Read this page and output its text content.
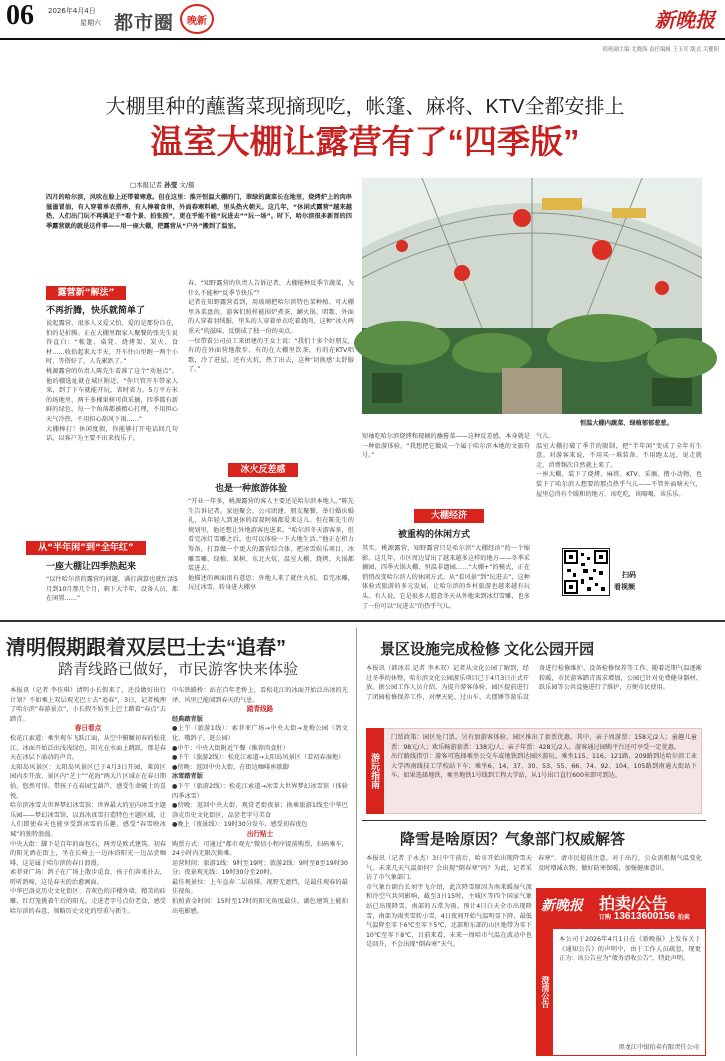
06 2026年4月4日
星期六 都市圈 晚新
值班副主编 尤晓海 责任编辑 王玉军 版式 关健阳
新晚报
大棚里种的蘸酱菜现摘现吃，帐篷、麻将、KTV全都安排上
温室大棚让露营有了“四季版”
□本报记者 孙莹 文/摄
四月的哈尔滨，风吹在脸上还带着寒意。但在这里：推开恒温大棚的门，翠绿的蔬菜长在地里，烧烤炉上的肉串滋滋冒油，有人穿着单衣搭串，有人捧着食串，外面春寒料峭，里头热火朝天。这几年，“休闲式露营”越来越热，人们出门玩不再满足于“看个景、拍张照”，更在乎能不能“玩进去”“玩一场”。时下，哈尔滨很多新晋的四季露营就的就是这件事——用一座大棚，把露营从“户外”搬到了温室。
恒温大棚内蔬菜、绿植郁郁葱葱。
露营新“解法”
不再折腾，快乐就简单了

说起露营，很多人又爱又怕。爱的是那份自在，怕的是折腾。正在大棚里跟家人聚餐的张先生说得直白：“帐篷、桌凳、烧烤架、炭火、食材……收拾起来大半天，开车往山里跑一两个小时，等搭好了，人先累趴了。”

桃源露营的负责人陈先生看准了这个“劝退点”。他的棚选址就在城区附近，“你只管开车带家人来，到了下车就能开玩，省时省力。5万平方米的场地里，两千多棵果树可供采摘，四季都有新鲜的绿色，每一个角落都被精心打理，不用担心天气冷热，不用担心刮风下雨……”

大棚棒打！休闲度假，你能够打开电话回几句话，以客户为主要不出来找乐子。

从“半年闲”到“全年红”
一座大棚让四季热起来
“以往哈尔滨的露营的问题，满打满算也就忙活5月到10月那几个月，剩下大半年，设备人员，都在闲置……”

春，“知野露营的负责人告诉记者，大棚能种反季节蔬菜，为什么不能种“反季节快乐”？

记者在知野露营看到，用玻璃把哈尔滨特色菜种植、可大棚里各菜盘的，游客们照样能围炉煮茶、涮火锅、唱歌、外面的人穿着羽绒服，里头的人穿着单衣吃着烧肉，这种“冰火两重天”的滋味，反倒成了独一份的卖点。

一位带着公司员工来团建的王女士说：“我们十多个好朋友，有的在外面营地散步，有的在大棚里饮茶，有的在KTV唱歌，冷了进屋，还有火炕，热了出去，这种‘切换感’太舒服了。”

冰火反差感
也是一种旅游体验

“开业一年多，桃源露营的客人主要还是哈尔滨本地人。”陈先生告诉记者。家庭聚会、公司团建、朋友聚餐，举行婚庆婚礼，从年轻人到退休的叔叔阿姨都爱来这儿。但在陈先生的规划里，他还想让外地游客也进来。“哈尔滨冬天游客多，但看完冰灯雪雕之后，也可以体验一下大地生活。”他正在积力筹备，打算做一个更大的露营综合体，把冰雪娱乐项目、冰雕雪雕、绿植、果树、东北火炕、温室大棚、烧烤、火锅都装进去。

他描述的画面很有意思：外地人来了就住火炕，看完冰雕，玩过冰雪，转身进大棚享

短袖吃哈尔滨烧烤和现摘的蘸酱菜——这种反差感，本身就是一种旅游体验。“我想把它做成一个属于哈尔滨本地的文旅符号。”
大棚经济
被重构的休闲方式
其实，桃源露营，知野露营只是哈尔滨“大棚经济”的一个缩影。这几年，市区周边冒出了越来越多这样的地方——冬季采摘园、四季火锅大棚、恒温非遗园……“大棚+”的模式，正在悄悄改变哈尔滨人的休闲方式。从“看风景”到“玩进去”，这种体验式旅游的多元发展，让哈尔滨的乡村旅游也越来越有玩头。有人说，它是很多人愿意冬天从外地来到冰灯雪雕，也多了一份可以“玩进去”的热乎气儿。

气儿。

温室大棚打破了季节的限制，把“半年闲”变成了全年有生意。对游客来说，不用买一堆装备，不用跑太远，说走就走，消费频次自然就上来了。

一座大棚，装下了烧烤、麻将、KTV、采摘、撸小动物，也装下了哈尔滨人想要的那点热乎气儿——不管外面啥天气，屋里总得有个暖和的地方，该吃吃，该喝喝，该乐乐。

扫码
看视频
清明假期跟着双层巴士去“追春”
踏青线路已做好，市民游客快来体验

本报讯（记者 李佳琪）清明小长假来了，还没做好出行计划？不如乘上双层观光巴士去“追春”，3日，记者梳理了哈尔滨“春游景点”，小长假不妨坐上巴士踏着“春点”去踏青。

春日看点

松花江索道：乘坐观车飞跃江面，从空中俯瞰初春的松花江。冰面开始泛出浅浅绿色，阳光在水面上跳跃，那是春天在冰层下涌动的声音。

太阳岛风景区：太阳岛风景区已于4月3日开园，莱茵区园内步开放，景区内“芝士”“花海”两大片区域正在春日期拾，悠然可得。带孩子在春园宝葫芦，感受生命破土的喜悦。

哈尔滨冰雪大世界梦幻冰雪馆：世界最大的室内冰雪主题乐园——梦幻冰雪馆，以真冰真雪打造特色主题区域，让人们即使春天也能享受到冰雪的乐趣，感受“春雪映冰城”的独特浪漫。

中央大街：脚下是百年的面包石，两旁是欧式建筑。初春的阳光洒在街上，坐在长椅上一边沐浴阳光一边品尝咖啡，这是属于哈尔滨的春日浪漫。

索菲亚广场：鸽子在广场上散步觅食，孩子们奔来扑去，听听鸽啼，这是春天的治愈画面。

中华巴洛克历史文化街区：青灰色的洋楼外墙，精美的砖雕，红灯笼挑着午后的阳光。走进老字号点份老食，感受哈尔滨的春意，领略历史文化的厚重与新生。

中东铁路桥：站在百年老桥上，看松花江的冰面开始泛出冰的光泽，风里已能闻到春天的气息。

踏青线路

经典踏青版

●上午（旅游1线）：索菲亚广场→中央大街→龙梅公园（鸽文化、哦鸽子、逛公园）

●中午：中央大街附近午餐（推荐肉食肝）

●下午（旅游2线）：松花江索道→太阳岛风景区（看初春湿地）

●傍晚：返回中央大街，在街边咖啡座歇脚

冰雪踏青版

●下午（旅游2线）：松花江索道→冰雪大世界梦幻冰雪馆（体验四季冰雪）

●傍晚：返回中央大街，观赏老街夜景；换乘旅游1线至中华巴洛克历史文化街区，品尝老字号美食

●晚上（夜景线）：19时30分发车，感受初春夜色

出行贴士

购票方式：可通过“都市观光”微信小程序提前购票，扫码乘车，24小时内无限次换乘。

运营时间：旅游1线：9时至19时；旅游2线：9时至8至19时30分；夜景观光线：19时30分至20时。

最佳观景位：上车直奔二层前排，视野无遮挡，是最佳观春的最佳视角。

拍照黄金时间：15时至17时的阳光角度最佳，湖色建筑上能拍出电影感。

景区设施完成检修 文化公园开园
本报讯（韩冰若 记者 李木双）记者从文化公园了解到，经过冬季的休整，哈尔滨文化公园游乐项目已于4月3日正式开放。据公园工作人员介绍，为提升游客体验，园区提前进行了闭园检修保养工作，对摩天轮、过山车、大摆锤等游乐设备进行检修维护、设备检修保养等工作。随着近期气温逐渐转暖，市民游客踏青需求增加，公园已针对免费健身器材、跃乐园等公共设施进行了维护，方便市民使用。
游玩指南

门票政策：园区免门票。另有加游客体验，园区推出了套票优惠。其中，亲子周游票：158元/2人；童趣儿童票：98元/人；欢乐畅游套票：138元/人；亲子年票：428元/2人。游客通过园购平台还可享受一定优惠。

出行路线指引：游客可选择乘坐公交车或地铁到达园区游玩。乘坐115、116、121路、209路到达哈尔滨工业大学西南线技工学校站下车；乘坐6、14、37、30、53、55、66、74、92、104、105路到南通大街站下车。如果选择地铁，乘坐地铁1号线到工程大学站，从1号出口直行600米即可到达。

降雪是啥原因？气象部门权威解答

本报讯（记者 于永杰）3日中午前后，哈市开始出现降雪天气。未来几天气温如何？会出现“倒春寒”吗？为此，记者采访了市气象部门。

市气象台副台长刘宇飞介绍，此次降雪原因为南来暖湿气流和冷空气共同影响，截至3日15时，主城区等四个国家气象站已出现降雪，南部的五常为雨。预计4日白天全市出现降雪，南部为雨夹雪转小雪，4日夜间开始气温明显下降，最低气温降至零下6℃至零下5℃，北部和东部的山区地带为零下10℃至零下8℃，目前来看，未来一周哈市气温在波动中也是回升，不会出现“倒春寒”天气。

春寒”。请市民提前注意，对于出行，公众需根据气温变化及时增减衣物，做好防寒保暖，加强健康意识。
新晚报 拍卖/公告
订购 13613600156 拍卖
澄清公告
本公司于2026年4月1日在《新晚报》上发布关于《通知公告》的声明中，由于工作人员疏忽，现更正为：该公告应为“债务清收公告”，特此声明。
黑龙江中银拍卖有限责任公司
